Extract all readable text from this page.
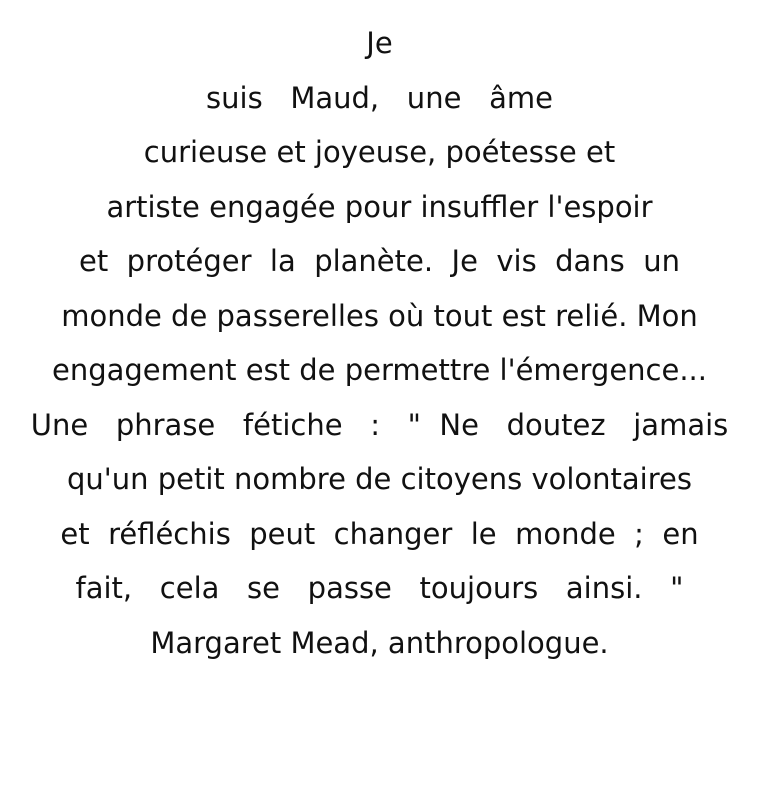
Je
suis   Maud,   une   âme
curieuse et joyeuse, poétesse et
artiste engagée pour insuffler l'espoir
et  protéger  la  planète.  Je  vis  dans  un
monde de passerelles où tout est relié. Mon
engagement est de permettre l'émergence...
Une   phrase   fétiche   :   "  Ne   doutez   jamais
qu'un petit nombre de citoyens volontaires
et  réfléchis  peut  changer  le  monde  ;  en
fait,   cela   se   passe   toujours   ainsi.   "
Margaret Mead, anthropologue.
